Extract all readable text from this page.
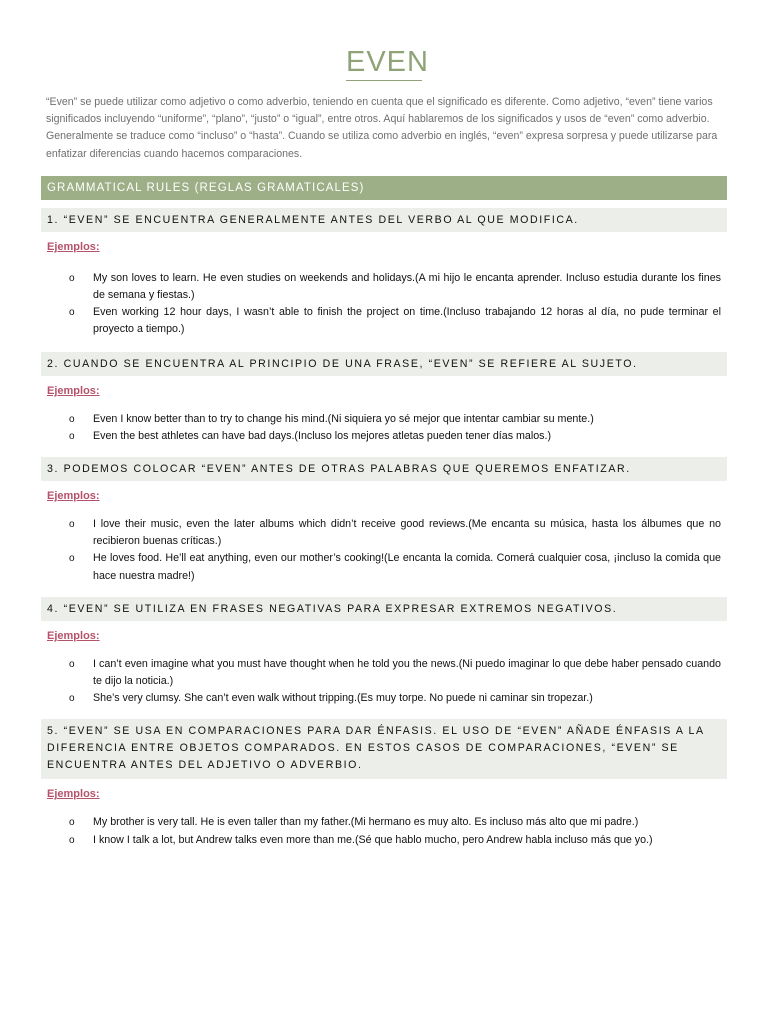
EVEN

“Even” se puede utilizar como adjetivo o como adverbio, teniendo en cuenta que el significado es diferente. Como adjetivo, “even” tiene varios significados incluyendo “uniforme”, “plano”, “justo” o “igual”, entre otros. Aquí hablaremos de los significados y usos de “even” como adverbio. Generalmente se traduce como “incluso” o “hasta”. Cuando se utiliza como adverbio en inglés, “even” expresa sorpresa y puede utilizarse para enfatizar diferencias cuando hacemos comparaciones.

GRAMMATICAL RULES (REGLAS GRAMATICALES)
1. “EVEN” SE ENCUENTRA GENERALMENTE ANTES DEL VERBO AL QUE MODIFICA.
Ejemplos:
o My son loves to learn. He even studies on weekends and holidays.(A mi hijo le encanta aprender. Incluso estudia durante los fines de semana y fiestas.)
o Even working 12 hour days, I wasn’t able to finish the project on time.(Incluso trabajando 12 horas al día, no pude terminar el proyecto a tiempo.)
2. CUANDO SE ENCUENTRA AL PRINCIPIO DE UNA FRASE, “EVEN” SE REFIERE AL SUJETO.
Ejemplos:
o Even I know better than to try to change his mind.(Ni siquiera yo sé mejor que intentar cambiar su mente.)
o Even the best athletes can have bad days.(Incluso los mejores atletas pueden tener días malos.)
3. PODEMOS COLOCAR “EVEN” ANTES DE OTRAS PALABRAS QUE QUEREMOS ENFATIZAR.
Ejemplos:
o I love their music, even the later albums which didn’t receive good reviews.(Me encanta su música, hasta los álbumes que no recibieron buenas críticas.)
o He loves food. He’ll eat anything, even our mother’s cooking!(Le encanta la comida. Comerá cualquier cosa, ¡incluso la comida que hace nuestra madre!)
4. “EVEN” SE UTILIZA EN FRASES NEGATIVAS PARA EXPRESAR EXTREMOS NEGATIVOS.
Ejemplos:
o I can’t even imagine what you must have thought when he told you the news.(Ni puedo imaginar lo que debe haber pensado cuando te dijo la noticia.)
o She’s very clumsy. She can’t even walk without tripping.(Es muy torpe. No puede ni caminar sin tropezar.)
5. “EVEN” SE USA EN COMPARACIONES PARA DAR ÉNFASIS. EL USO DE “EVEN” AÑADE ÉNFASIS A LA DIFERENCIA ENTRE OBJETOS COMPARADOS. EN ESTOS CASOS DE COMPARACIONES, “EVEN” SE ENCUENTRA ANTES DEL ADJETIVO O ADVERBIO.
Ejemplos:
o My brother is very tall. He is even taller than my father.(Mi hermano es muy alto. Es incluso más alto que mi padre.)
o I know I talk a lot, but Andrew talks even more than me.(Sé que hablo mucho, pero Andrew habla incluso más que yo.)
